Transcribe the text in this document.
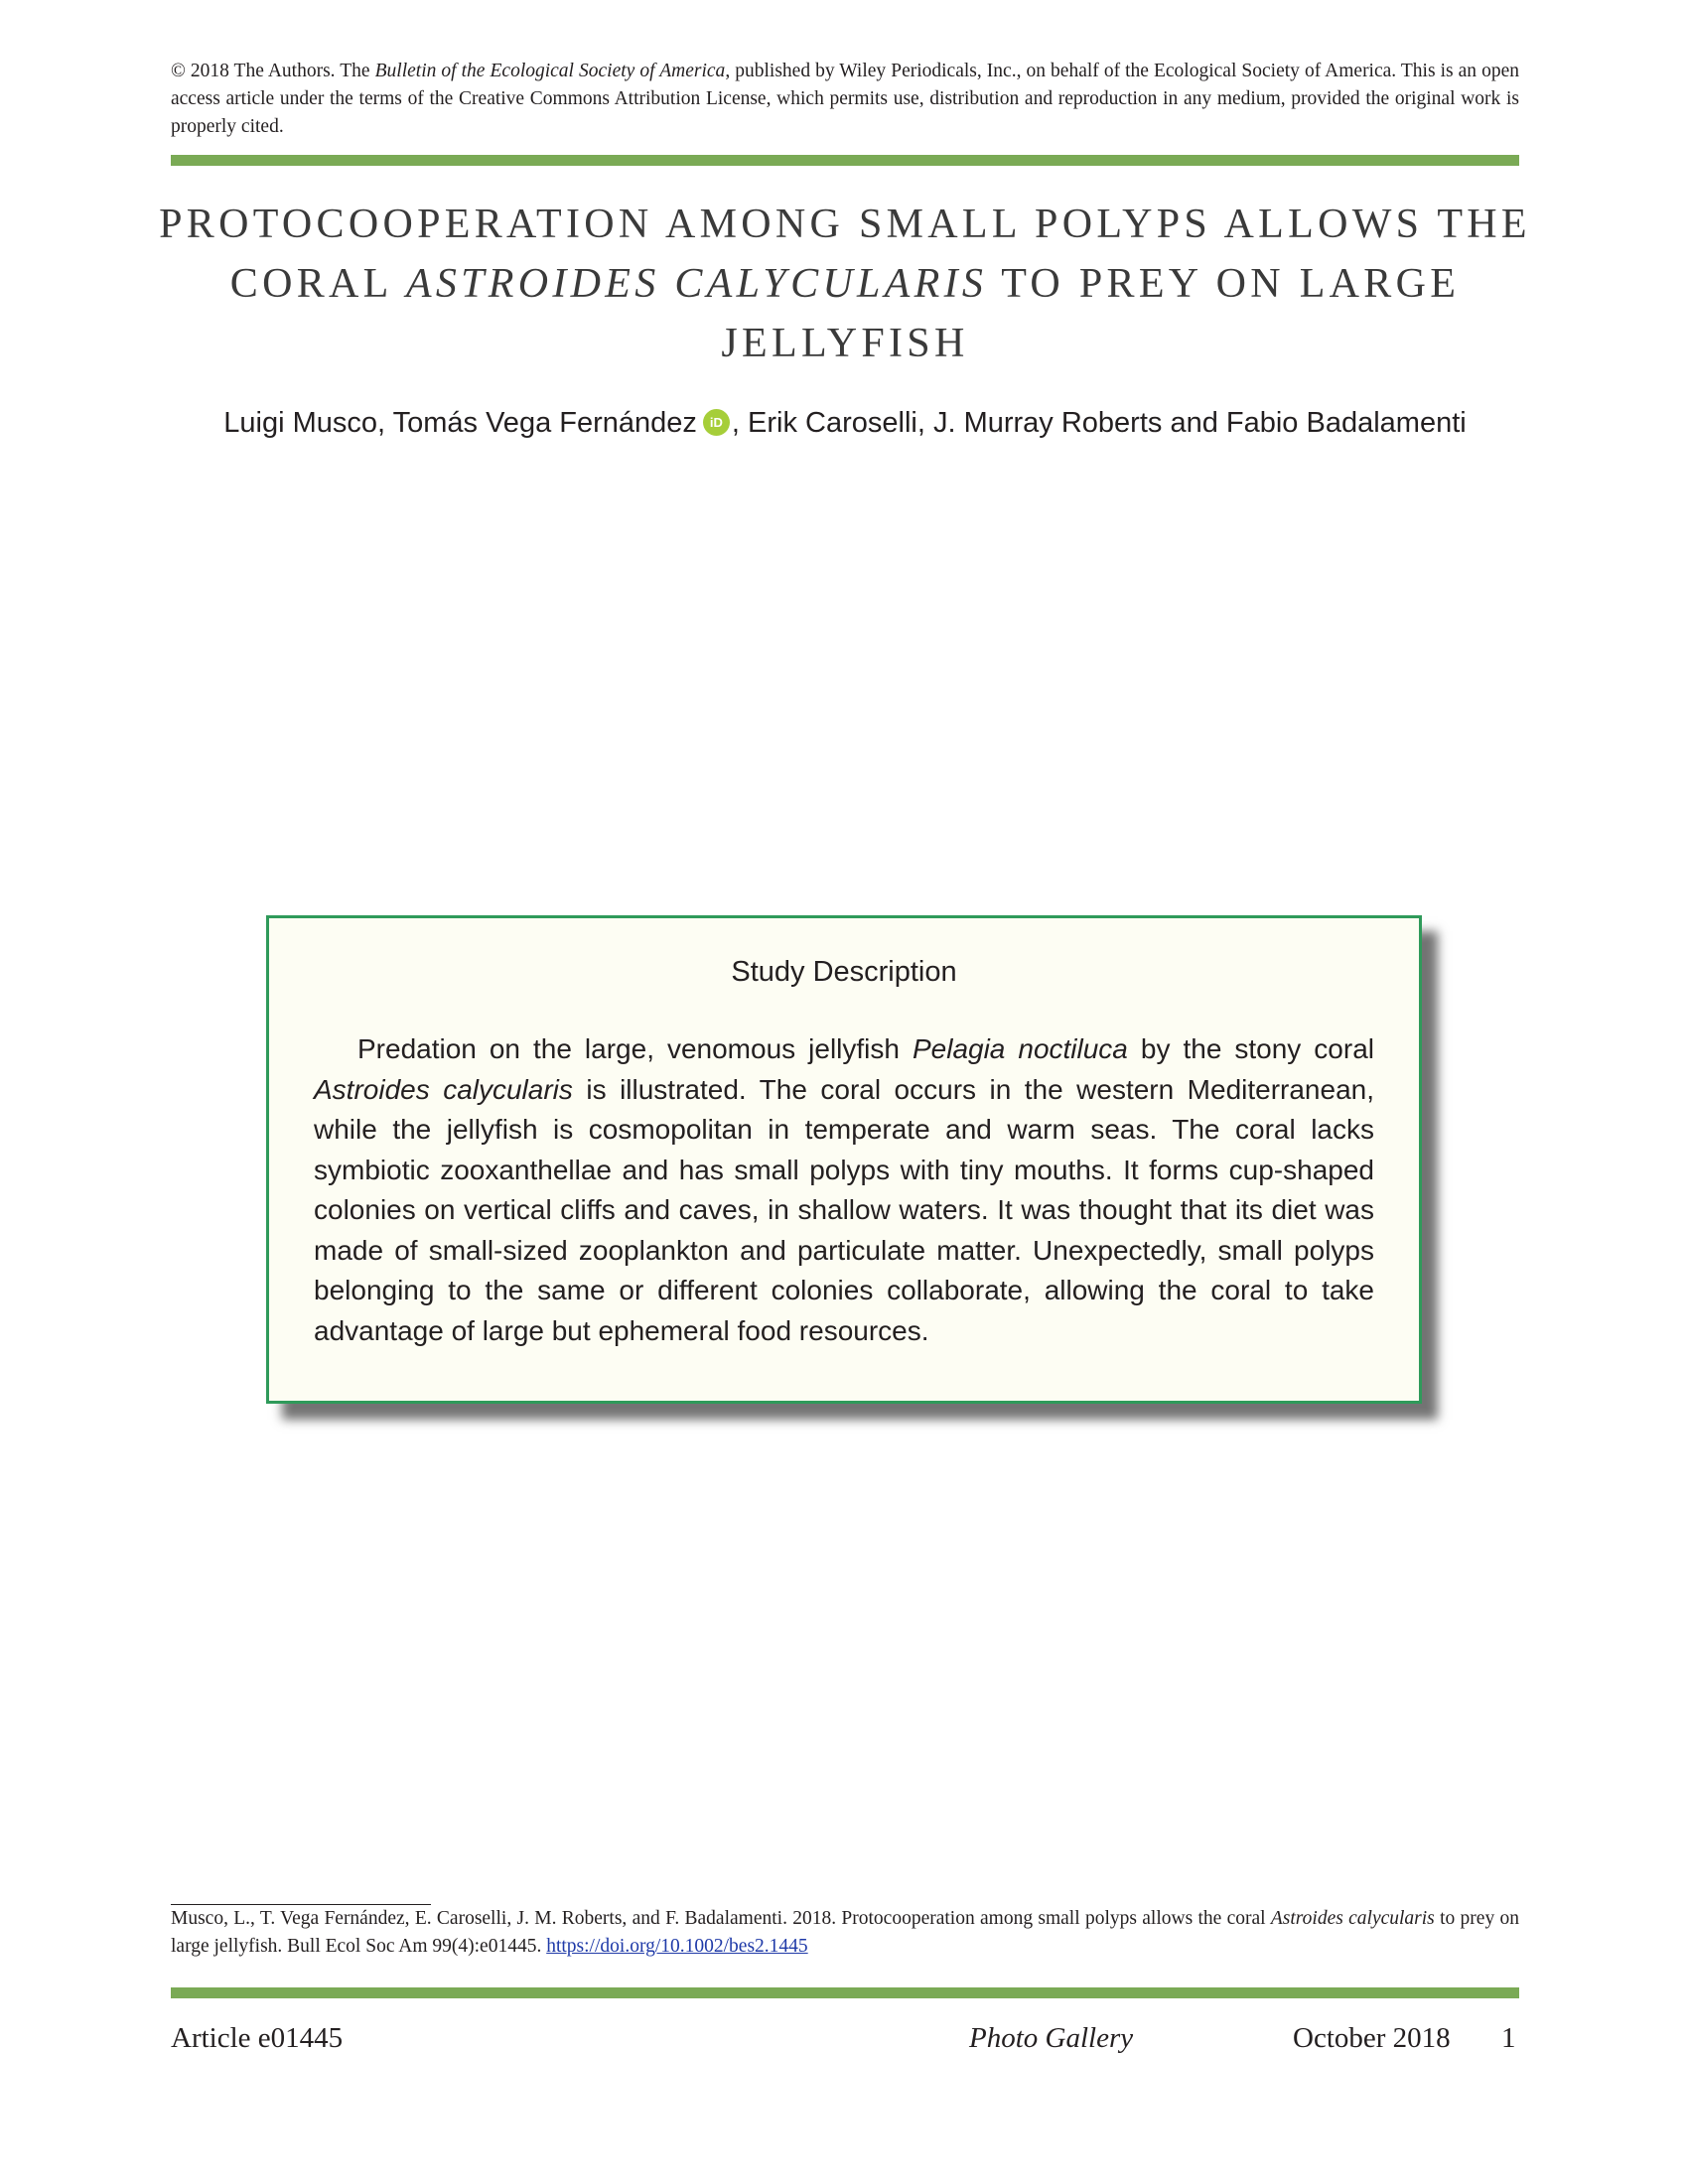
© 2018 The Authors. The Bulletin of the Ecological Society of America, published by Wiley Periodicals, Inc., on behalf of the Ecological Society of America. This is an open access article under the terms of the Creative Commons Attribution License, which permits use, distribution and reproduction in any medium, provided the original work is properly cited.

PROTOCOOPERATION AMONG SMALL POLYPS ALLOWS THE CORAL ASTROIDES CALYCULARIS TO PREY ON LARGE JELLYFISH
Luigi Musco, Tomás Vega Fernández iD , Erik Caroselli, J. Murray Roberts and Fabio Badalamenti
Study Description

Predation on the large, venomous jellyfish Pelagia noctiluca by the stony coral Astroides calycularis is illustrated. The coral occurs in the western Mediterranean, while the jellyfish is cosmopolitan in temperate and warm seas. The coral lacks symbiotic zooxanthellae and has small polyps with tiny mouths. It forms cup-shaped colonies on vertical cliffs and caves, in shallow waters. It was thought that its diet was made of small-sized zooplankton and particulate matter. Unexpectedly, small polyps belonging to the same or different colonies collaborate, allowing the coral to take advantage of large but ephemeral food resources.

Musco, L., T. Vega Fernández, E. Caroselli, J. M. Roberts, and F. Badalamenti. 2018. Protocooperation among small polyps allows the coral Astroides calycularis to prey on large jellyfish. Bull Ecol Soc Am 99(4):e01445. https://doi.org/10.1002/bes2.1445

Article e01445	Photo Gallery	October 2018 1
